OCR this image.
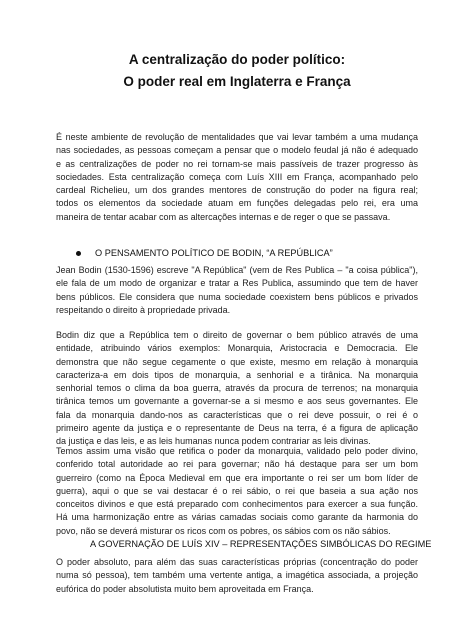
A centralização do poder político:
O poder real em Inglaterra e França

É neste ambiente de revolução de mentalidades que vai levar também a uma mudança
nas sociedades, as pessoas começam a pensar que o modelo feudal já não é adequado
e as centralizações de poder no rei tornam-se mais passíveis de trazer progresso às
sociedades. Esta centralização começa com Luís XIII em França, acompanhado pelo
cardeal Richelieu, um dos grandes mentores de construção do poder na figura real;
todos os elementos da sociedade atuam em funções delegadas pelo rei, era uma
maneira de tentar acabar com as altercações internas e de reger o que se passava.

O PENSAMENTO POLÍTICO DE BODIN, “A REPÚBLICA”

Jean Bodin (1530-1596) escreve "A República" (vem de Res Publica – "a coisa pública"),
ele fala de um modo de organizar e tratar a Res Publica, assumindo que tem de haver
bens públicos. Ele considera que numa sociedade coexistem bens públicos e privados
respeitando o direito à propriedade privada.

Bodin diz que a República tem o direito de governar o bem público através de uma
entidade, atribuindo vários exemplos: Monarquia, Aristocracia e Democracia. Ele
demonstra que não segue cegamente o que existe, mesmo em relação à monarquia
caracteriza-a em dois tipos de monarquia, a senhorial e a tirânica. Na monarquia
senhorial temos o clima da boa guerra, através da procura de terrenos; na monarquia
tirânica temos um governante a governar-se a si mesmo e aos seus governantes. Ele
fala da monarquia dando-nos as características que o rei deve possuir, o rei é o
primeiro agente da justiça e o representante de Deus na terra, é a figura de aplicação
da justiça e das leis, e as leis humanas nunca podem contrariar as leis divinas.

Temos assim uma visão que retifica o poder da monarquia, validado pelo poder divino,
conferido total autoridade ao rei para governar; não há destaque para ser um bom
guerreiro (como na Época Medieval em que era importante o rei ser um bom líder de
guerra), aqui o que se vai destacar é o rei sábio, o rei que baseia a sua ação nos
conceitos divinos e que está preparado com conhecimentos para exercer a sua função.
Há uma harmonização entre as várias camadas sociais como garante da harmonia do
povo, não se deverá misturar os ricos com os pobres, os sábios com os não sábios.

A GOVERNAÇÃO DE LUÍS XIV – REPRESENTAÇÕES SIMBÓLICAS DO REGIME

O poder absoluto, para além das suas características próprias (concentração do poder
numa só pessoa), tem também uma vertente antiga, a imagética associada, a projeção
eufórica do poder absolutista muito bem aproveitada em França.
